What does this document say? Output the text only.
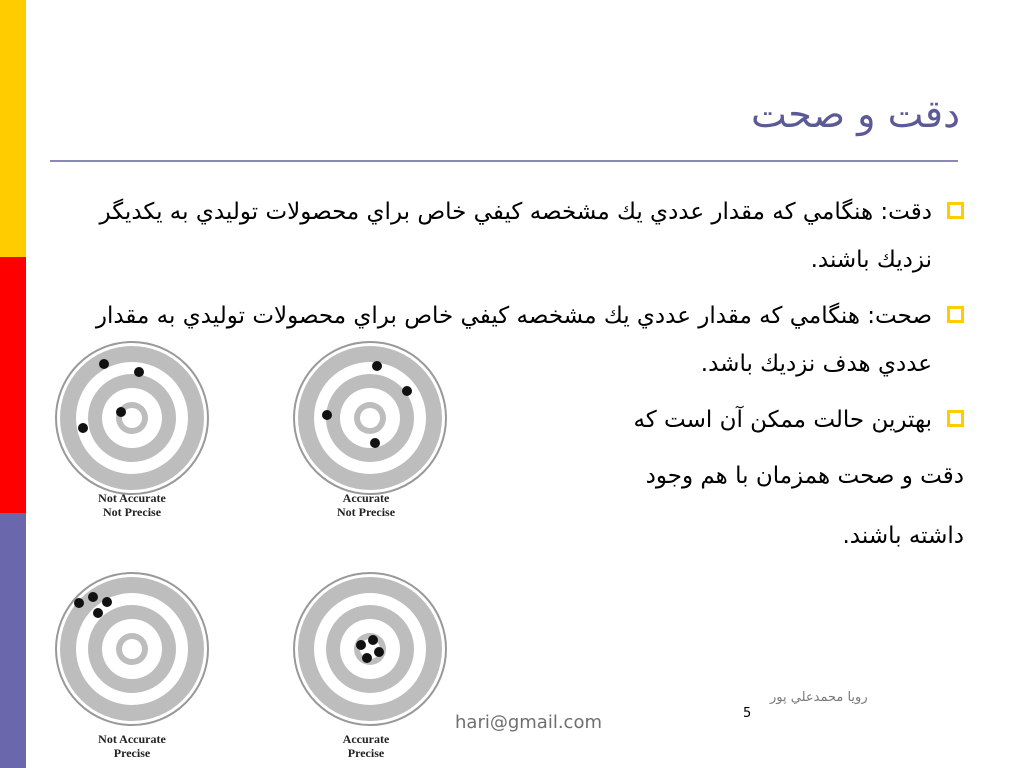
دقت و صحت
دقت: هنگامي كه مقدار عددي يك مشخصه كيفي خاص براي محصولات توليدي به يكديگر نزديك باشند.
صحت: هنگامي كه مقدار عددي يك مشخصه كيفي خاص براي محصولات توليدي به مقدار عددي هدف نزديك باشد.
بهترين حالت ممكن آن است كه
دقت و صحت همزمان با هم وجود
داشته باشند.
Not Accurate
Not Precise
Accurate
Not Precise
Not Accurate
Precise
Accurate
Precise
hari@gmail.com	5
رويا محمدعلي پور
